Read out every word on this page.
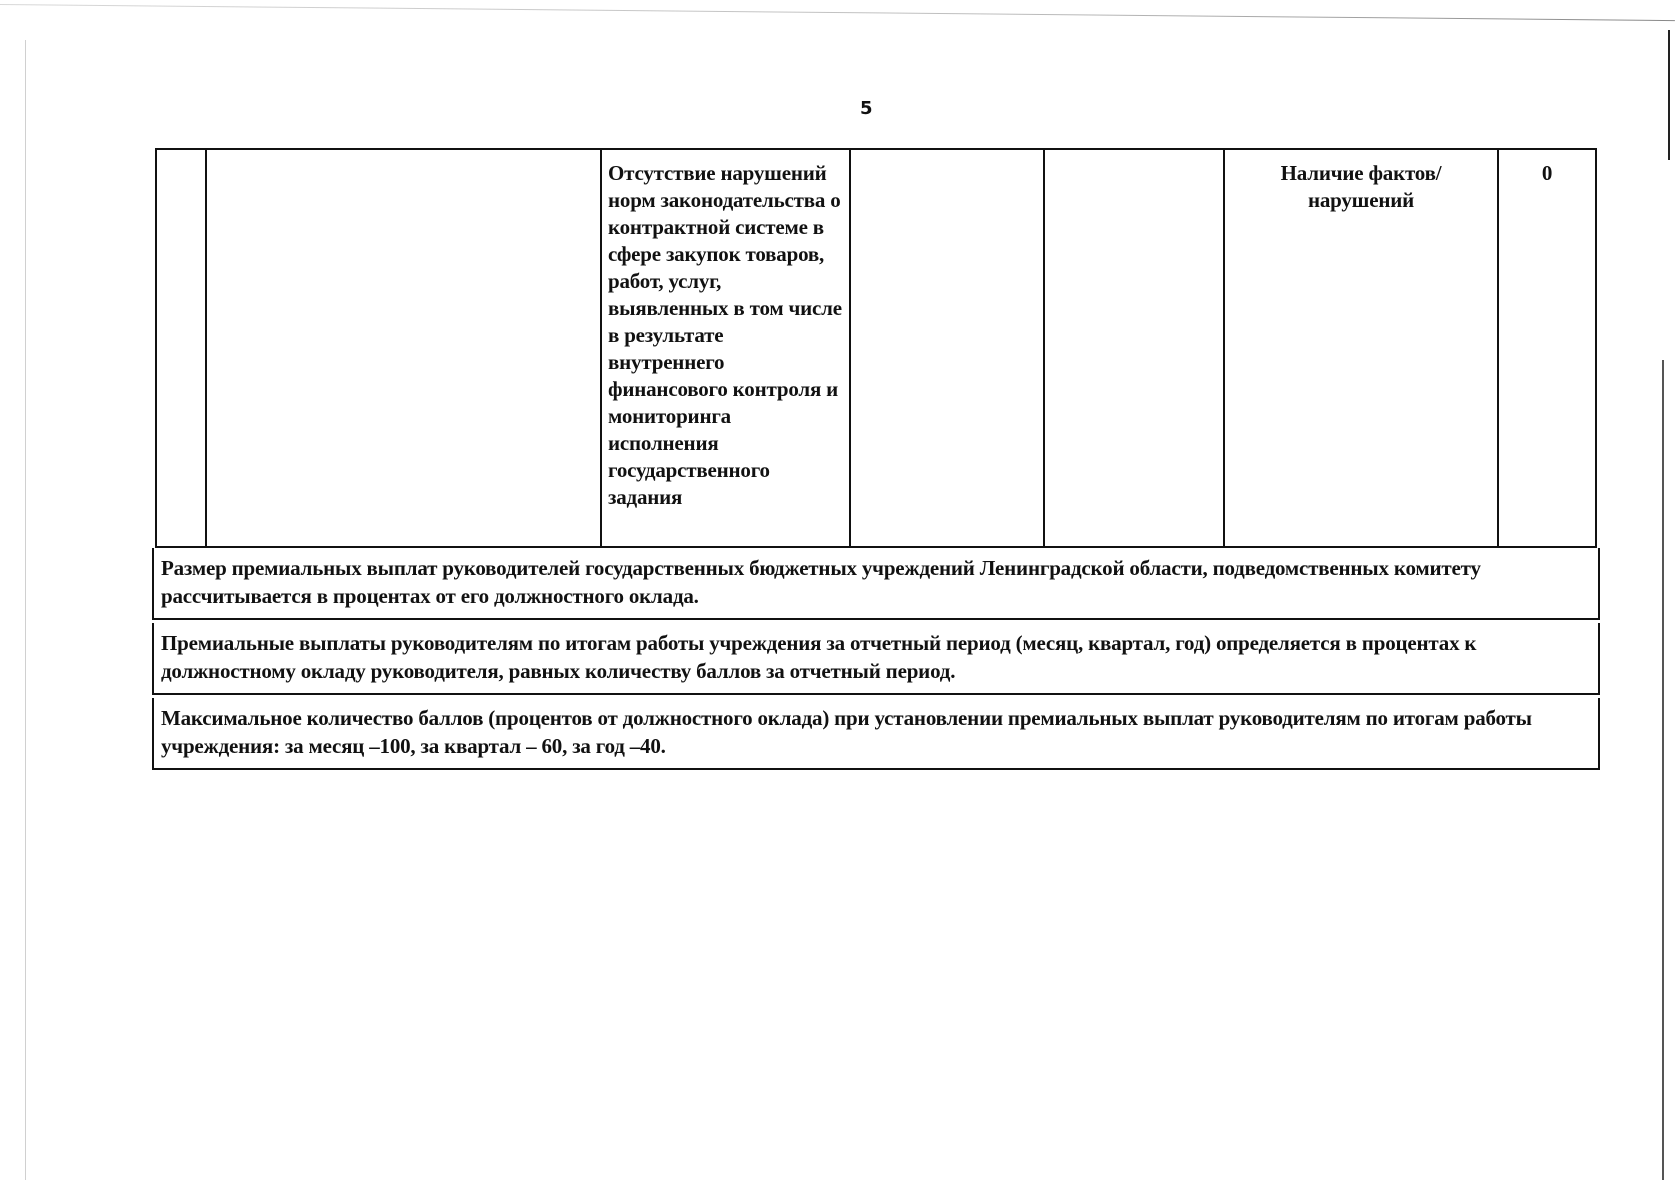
5
		Отсутствие нарушений норм законодательства о контрактной системе в сфере закупок товаров, работ, услуг, выявленных в том числе в результате внутреннего финансового контроля и мониторинга исполнения государственного задания			Наличие фактов/нарушений	0
Размер премиальных выплат руководителей государственных бюджетных учреждений Ленинградской области, подведомственных комитету рассчитывается в процентах от его должностного оклада.
Премиальные выплаты руководителям по итогам работы учреждения за отчетный период (месяц, квартал, год) определяется в процентах к должностному окладу руководителя, равных количеству баллов за отчетный период.
Максимальное количество баллов (процентов от должностного оклада) при установлении премиальных выплат руководителям по итогам работы учреждения: за месяц –100, за квартал – 60, за год –40.
